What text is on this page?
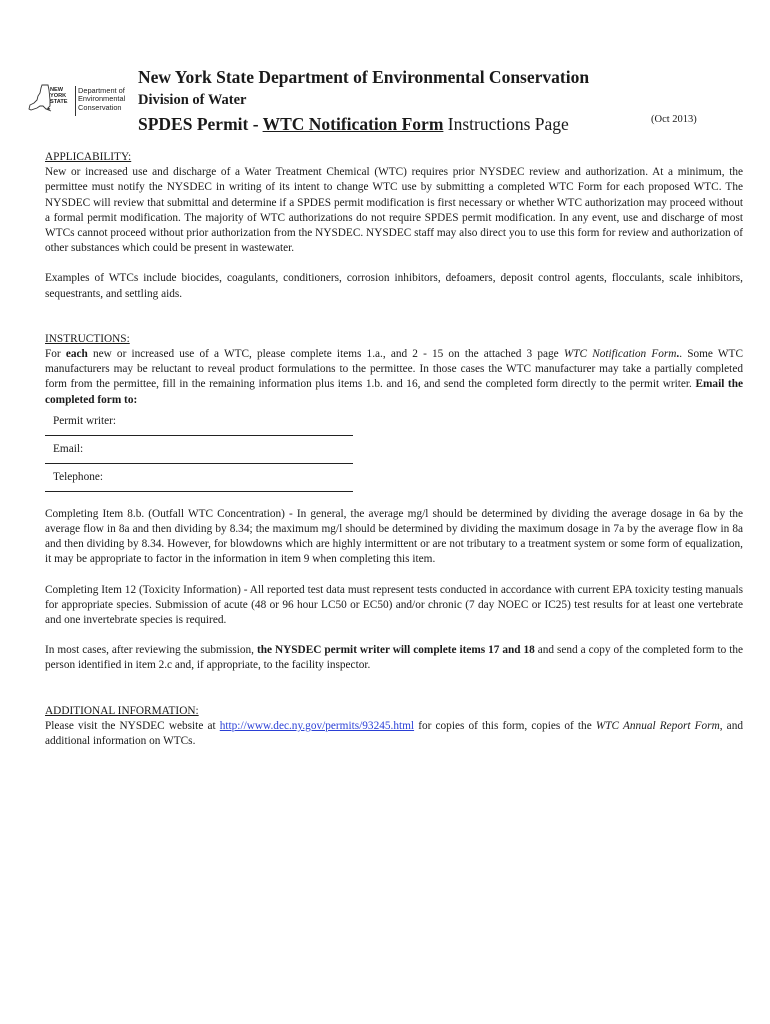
NEW
YORK
STATE
Department of
Environmental
Conservation
New York State Department of Environmental Conservation
Division of Water
SPDES Permit - WTC Notification Form Instructions Page	(Oct 2013)

APPLICABILITY:

New or increased use and discharge of a Water Treatment Chemical (WTC) requires prior NYSDEC review and authorization. At a minimum, the permittee must notify the NYSDEC in writing of its intent to change WTC use by submitting a completed WTC Form for each proposed WTC. The NYSDEC will review that submittal and determine if a SPDES permit modification is first necessary or whether WTC authorization may proceed without a formal permit modification. The majority of WTC authorizations do not require SPDES permit modification. In any event, use and discharge of most WTCs cannot proceed without prior authorization from the NYSDEC. NYSDEC staff may also direct you to use this form for review and authorization of other substances which could be present in wastewater.

Examples of WTCs include biocides, coagulants, conditioners, corrosion inhibitors, defoamers, deposit control agents, flocculants, scale inhibitors, sequestrants, and settling aids.

INSTRUCTIONS:

For each new or increased use of a WTC, please complete items 1.a., and 2 - 15 on the attached 3 page WTC Notification Form.. Some WTC manufacturers may be reluctant to reveal product formulations to the permittee. In those cases the WTC manufacturer may take a partially completed form from the permittee, fill in the remaining information plus items 1.b. and 16, and send the completed form directly to the permit writer. Email the completed form to:

Permit writer:
Email:
Telephone:

Completing Item 8.b. (Outfall WTC Concentration) - In general, the average mg/l should be determined by dividing the average dosage in 6a by the average flow in 8a and then dividing by 8.34; the maximum mg/l should be determined by dividing the maximum dosage in 7a by the average flow in 8a and then dividing by 8.34. However, for blowdowns which are highly intermittent or are not tributary to a treatment system or some form of equalization, it may be appropriate to factor in the information in item 9 when completing this item.

Completing Item 12 (Toxicity Information) - All reported test data must represent tests conducted in accordance with current EPA toxicity testing manuals for appropriate species. Submission of acute (48 or 96 hour LC50 or EC50) and/or chronic (7 day NOEC or IC25) test results for at least one vertebrate and one invertebrate species is required.

In most cases, after reviewing the submission, the NYSDEC permit writer will complete items 17 and 18 and send a copy of the completed form to the person identified in item 2.c and, if appropriate, to the facility inspector.

ADDITIONAL INFORMATION:

Please visit the NYSDEC website at http://www.dec.ny.gov/permits/93245.html for copies of this form, copies of the WTC Annual Report Form, and additional information on WTCs.
